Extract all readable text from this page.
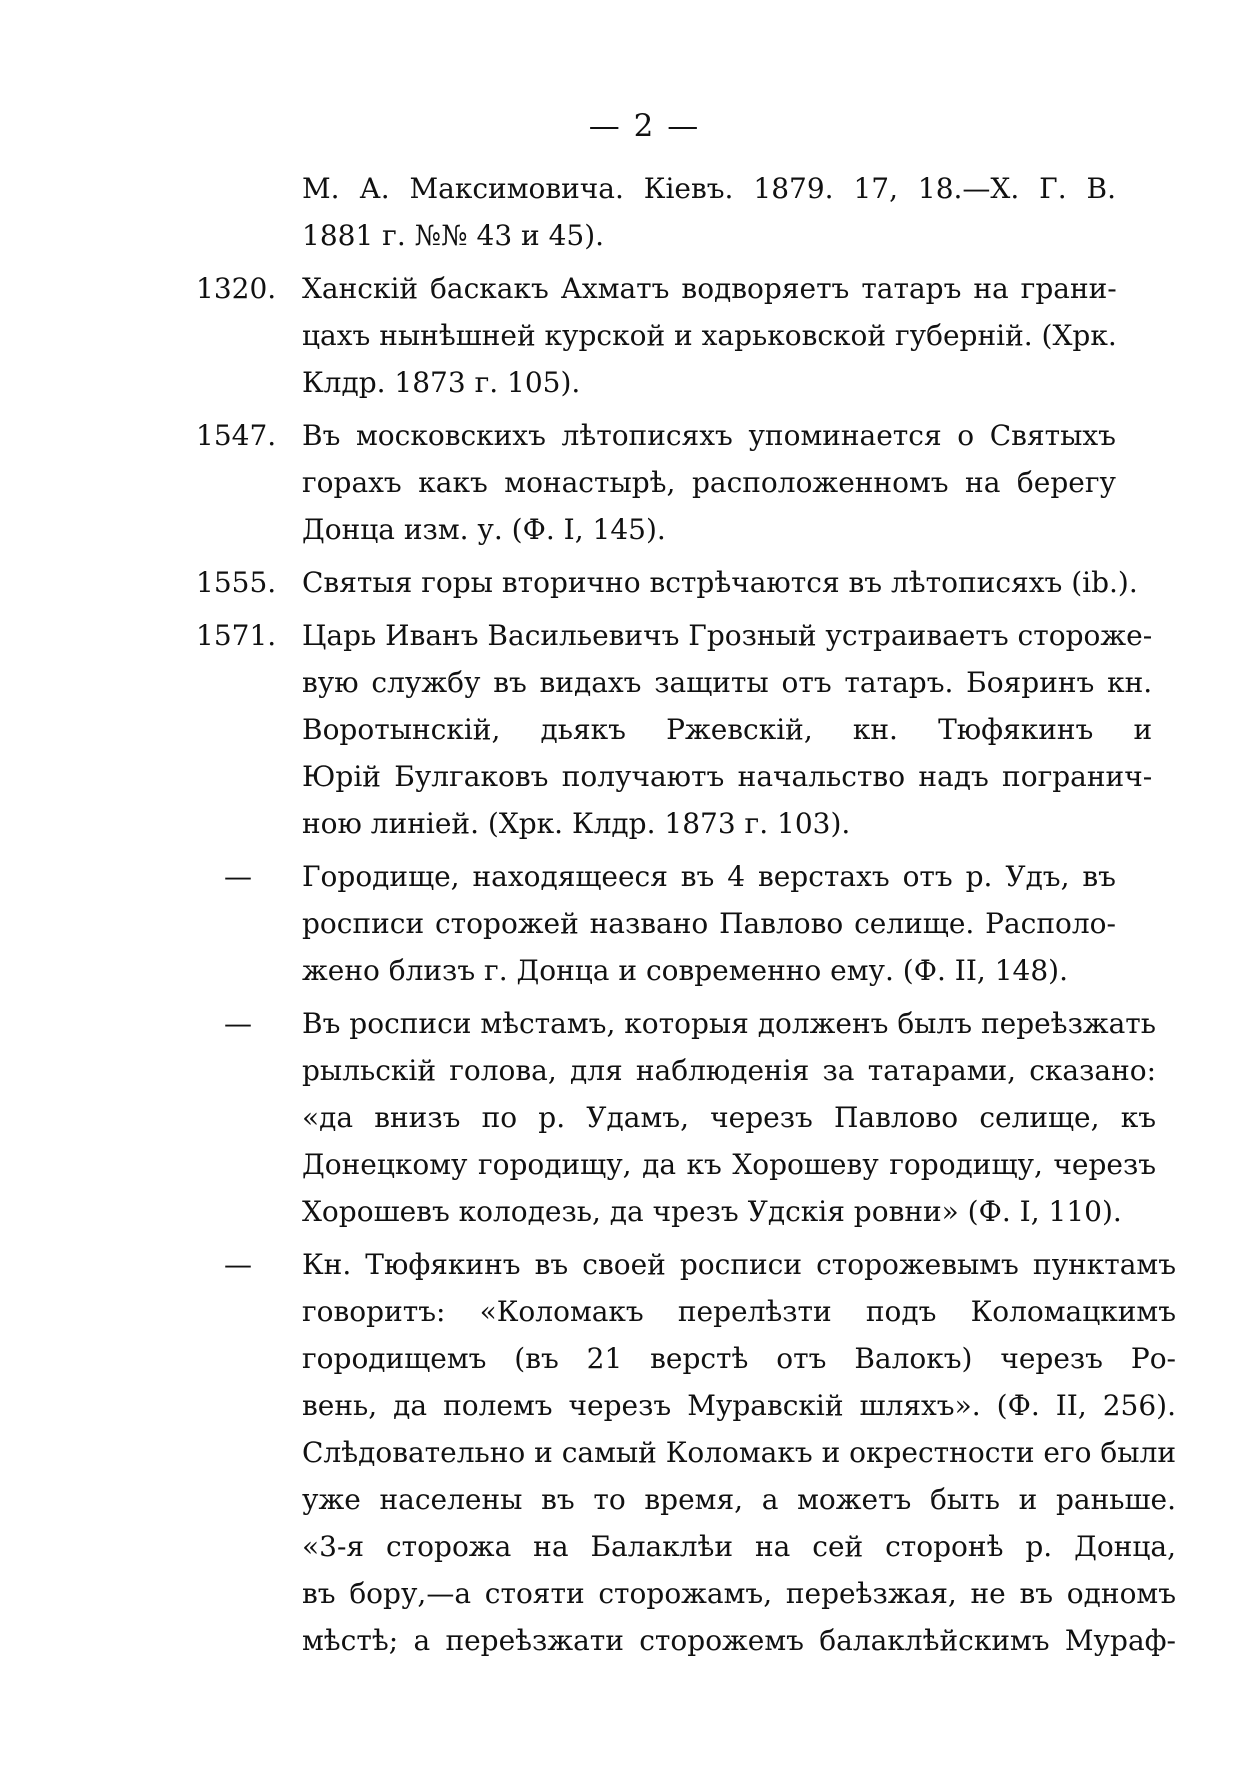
— 2 —
М. А. Максимовича. Кіевъ. 1879. 17, 18.—Х. Г. В.
1881 г. №№ 43 и 45).
1320. Ханскій баскакъ Ахматъ водворяетъ татаръ на грани-
цахъ нынѣшней курской и харьковской губерній. (Хрк.
Клдр. 1873 г. 105).
1547. Въ московскихъ лѣтописяхъ упоминается о Святыхъ
горахъ какъ монастырѣ, расположенномъ на берегу
Донца изм. у. (Ф. I, 145).
1555. Святыя горы вторично встрѣчаются въ лѣтописяхъ (ib.).
1571. Царь Иванъ Васильевичъ Грозный устраиваетъ стороже-
вую службу въ видахъ защиты отъ татаръ. Бояринъ кн.
Воротынскій, дьякъ Ржевскій, кн. Тюфякинъ и
Юрій Булгаковъ получаютъ начальство надъ погранич-
ною линіей. (Хрк. Клдр. 1873 г. 103).
—	Городище, находящееся въ 4 верстахъ отъ р. Удъ, въ
росписи сторожей названо Павлово селище. Располо-
жено близъ г. Донца и современно ему. (Ф. II, 148).
—	Въ росписи мѣстамъ, которыя долженъ былъ переѣзжать
рыльскій голова, для наблюденія за татарами, сказано:
«да внизъ по р. Удамъ, черезъ Павлово селище, къ
Донецкому городищу, да къ Хорошеву городищу, черезъ
Хорошевъ колодезь, да чрезъ Удскія ровни» (Ф. I, 110).
—	Кн. Тюфякинъ въ своей росписи сторожевымъ пунктамъ
говоритъ: «Коломакъ перелѣзти подъ Коломацкимъ
городищемъ (въ 21 верстѣ отъ Валокъ) черезъ Ро-
вень, да полемъ черезъ Муравскій шляхъ». (Ф. II, 256).
Слѣдовательно и самый Коломакъ и окрестности его были
уже населены въ то время, а можетъ быть и раньше.
«3-я сторожа на Балаклѣи на сей сторонѣ р. Донца,
въ бору,—а стояти сторожамъ, переѣзжая, не въ одномъ
мѣстѣ; а переѣзжати сторожемъ балаклѣйскимъ Мураф-
